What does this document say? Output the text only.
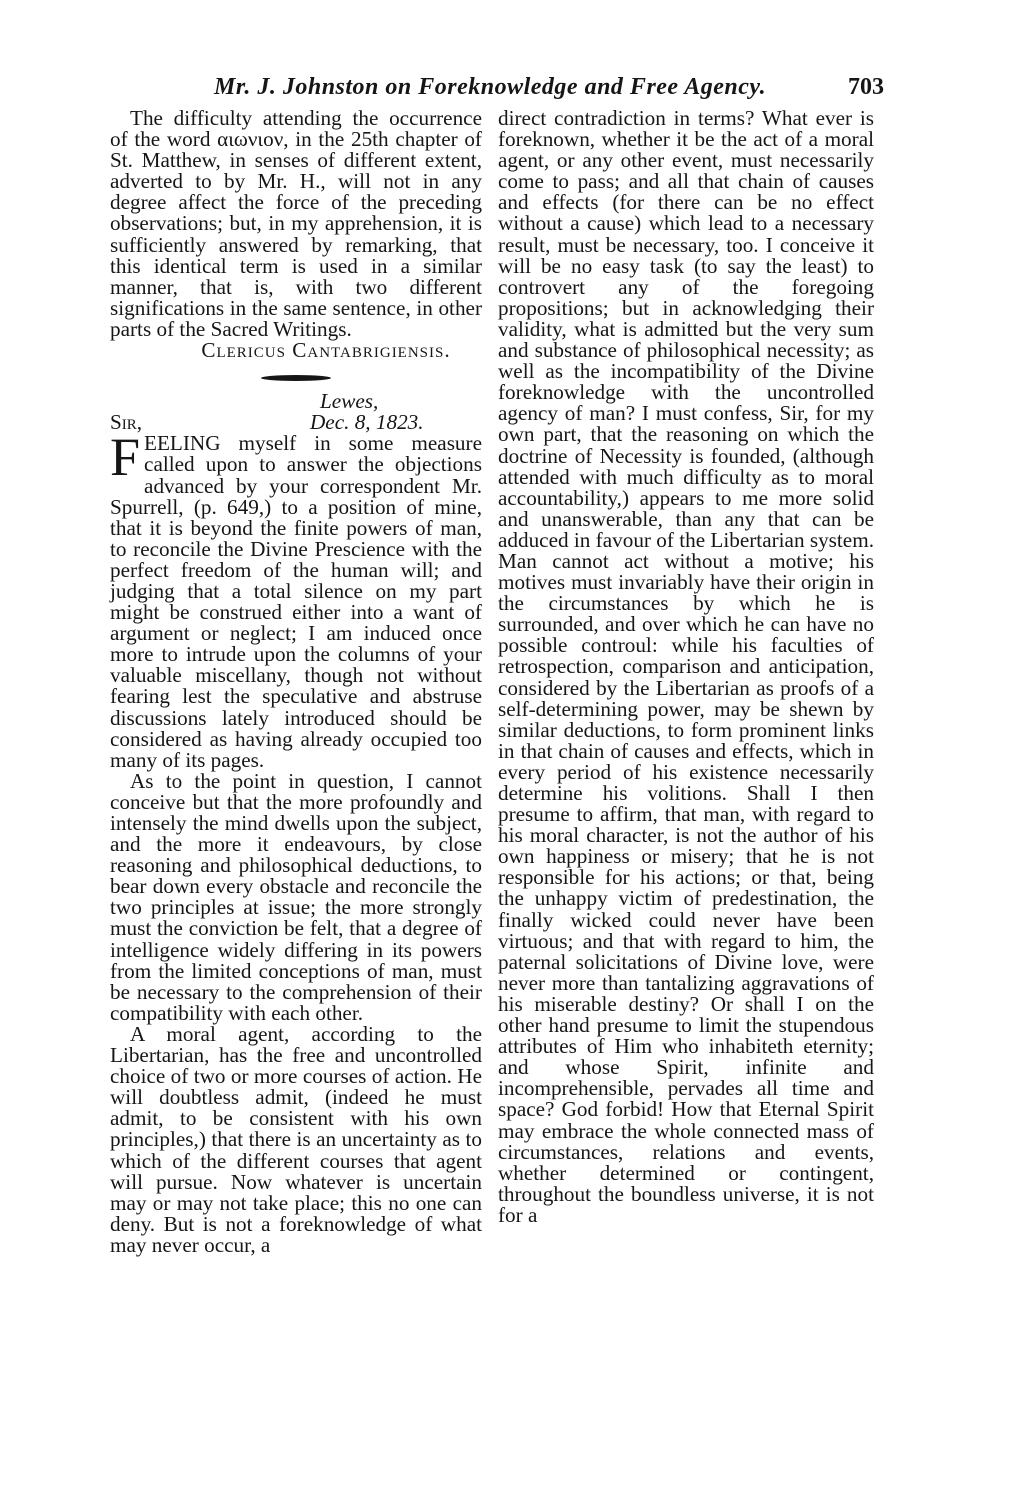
Mr. J. Johnston on Foreknowledge and Free Agency.	703

The difficulty attending the occurrence of the word αιωνιον, in the 25th chapter of St. Matthew, in senses of different extent, adverted to by Mr. H., will not in any degree affect the force of the preceding observations; but, in my apprehension, it is sufficiently answered by remarking, that this identical term is used in a similar manner, that is, with two different significations in the same sentence, in other parts of the Sacred Writings.

Clericus Cantabrigiensis.

Lewes,
Sir,	Dec. 8, 1823.

FEELING myself in some measure called upon to answer the objections advanced by your correspondent Mr. Spurrell, (p. 649,) to a position of mine, that it is beyond the finite powers of man, to reconcile the Divine Prescience with the perfect freedom of the human will; and judging that a total silence on my part might be construed either into a want of argument or neglect; I am induced once more to intrude upon the columns of your valuable miscellany, though not without fearing lest the speculative and abstruse discussions lately introduced should be considered as having already occupied too many of its pages.

As to the point in question, I cannot conceive but that the more profoundly and intensely the mind dwells upon the subject, and the more it endeavours, by close reasoning and philosophical deductions, to bear down every obstacle and reconcile the two principles at issue; the more strongly must the conviction be felt, that a degree of intelligence widely differing in its powers from the limited conceptions of man, must be necessary to the comprehension of their compatibility with each other.

A moral agent, according to the Libertarian, has the free and uncontrolled choice of two or more courses of action. He will doubtless admit, (indeed he must admit, to be consistent with his own principles,) that there is an uncertainty as to which of the different courses that agent will pursue. Now whatever is uncertain may or may not take place; this no one can deny. But is not a foreknowledge of what may never occur, a

direct contradiction in terms? What ever is foreknown, whether it be the act of a moral agent, or any other event, must necessarily come to pass; and all that chain of causes and effects (for there can be no effect without a cause) which lead to a necessary result, must be necessary, too. I conceive it will be no easy task (to say the least) to controvert any of the foregoing propositions; but in acknowledging their validity, what is admitted but the very sum and substance of philosophical necessity; as well as the incompatibility of the Divine foreknowledge with the uncontrolled agency of man? I must confess, Sir, for my own part, that the reasoning on which the doctrine of Necessity is founded, (although attended with much difficulty as to moral accountability,) appears to me more solid and unanswerable, than any that can be adduced in favour of the Libertarian system. Man cannot act without a motive; his motives must invariably have their origin in the circumstances by which he is surrounded, and over which he can have no possible controul: while his faculties of retrospection, comparison and anticipation, considered by the Libertarian as proofs of a self-determining power, may be shewn by similar deductions, to form prominent links in that chain of causes and effects, which in every period of his existence necessarily determine his volitions. Shall I then presume to affirm, that man, with regard to his moral character, is not the author of his own happiness or misery; that he is not responsible for his actions; or that, being the unhappy victim of predestination, the finally wicked could never have been virtuous; and that with regard to him, the paternal solicitations of Divine love, were never more than tantalizing aggravations of his miserable destiny? Or shall I on the other hand presume to limit the stupendous attributes of Him who inhabiteth eternity; and whose Spirit, infinite and incomprehensible, pervades all time and space? God forbid! How that Eternal Spirit may embrace the whole connected mass of circumstances, relations and events, whether determined or contingent, throughout the boundless universe, it is not for a
